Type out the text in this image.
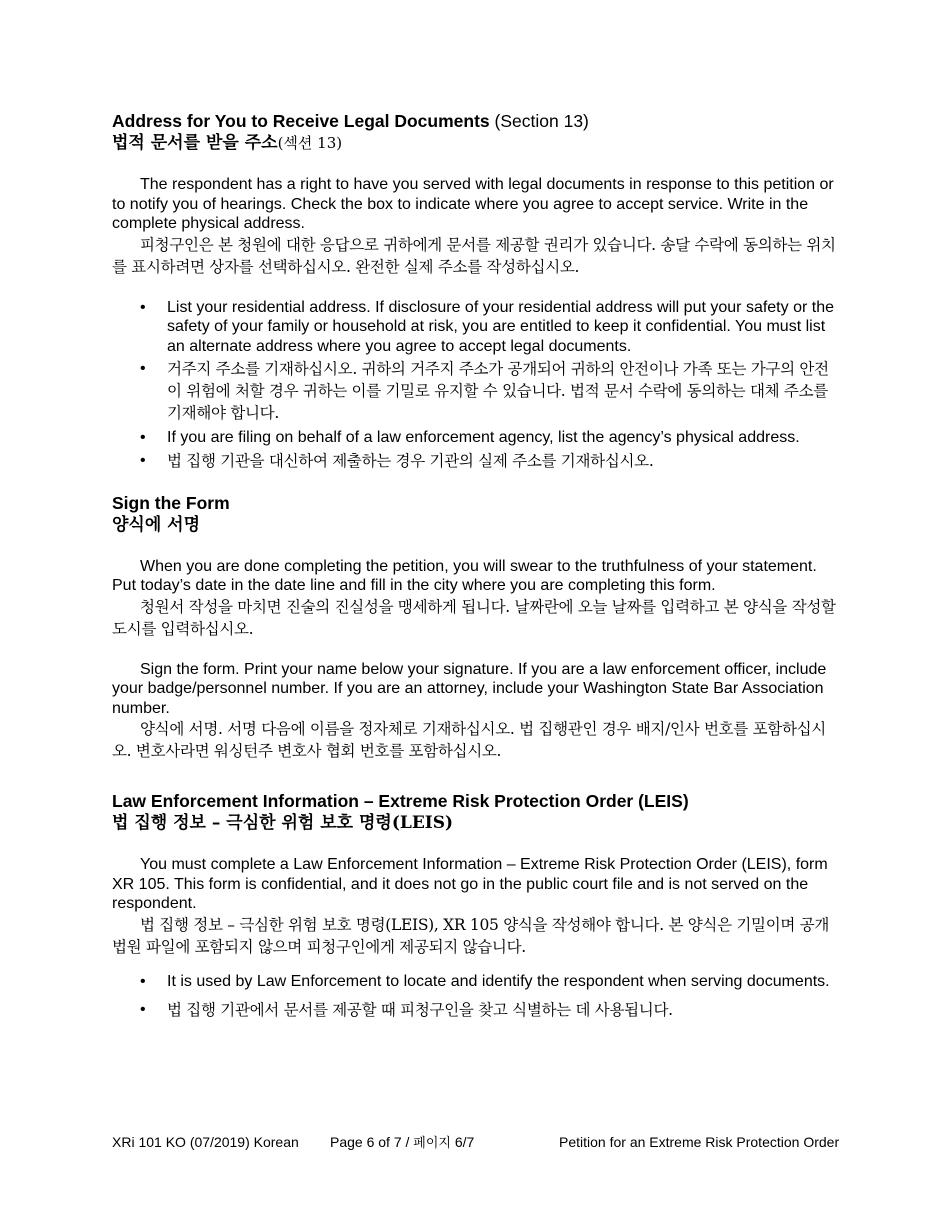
Address for You to Receive Legal Documents (Section 13)

법적 문서를 받을 주소(섹션 13)

The respondent has a right to have you served with legal documents in response to this petition or to notify you of hearings. Check the box to indicate where you agree to accept service. Write in the complete physical address.

피청구인은 본 청원에 대한 응답으로 귀하에게 문서를 제공할 권리가 있습니다. 송달 수락에 동의하는 위치를 표시하려면 상자를 선택하십시오. 완전한 실제 주소를 작성하십시오.

• List your residential address. If disclosure of your residential address will put your safety or the safety of your family or household at risk, you are entitled to keep it confidential. You must list an alternate address where you agree to accept legal documents.
• 거주지 주소를 기재하십시오. 귀하의 거주지 주소가 공개되어 귀하의 안전이나 가족 또는 가구의 안전이 위험에 처할 경우 귀하는 이를 기밀로 유지할 수 있습니다. 법적 문서 수락에 동의하는 대체 주소를 기재해야 합니다.
• If you are filing on behalf of a law enforcement agency, list the agency’s physical address.
• 법 집행 기관을 대신하여 제출하는 경우 기관의 실제 주소를 기재하십시오.

Sign the Form

양식에 서명

When you are done completing the petition, you will swear to the truthfulness of your statement. Put today’s date in the date line and fill in the city where you are completing this form.

청원서 작성을 마치면 진술의 진실성을 맹세하게 됩니다. 날짜란에 오늘 날짜를 입력하고 본 양식을 작성할 도시를 입력하십시오.

Sign the form. Print your name below your signature. If you are a law enforcement officer, include your badge/personnel number. If you are an attorney, include your Washington State Bar Association number.

양식에 서명. 서명 다음에 이름을 정자체로 기재하십시오. 법 집행관인 경우 배지/인사 번호를 포함하십시오. 변호사라면 워싱턴주 변호사 협회 번호를 포함하십시오.

Law Enforcement Information – Extreme Risk Protection Order (LEIS)

법 집행 정보 – 극심한 위험 보호 명령(LEIS)

You must complete a Law Enforcement Information – Extreme Risk Protection Order (LEIS), form XR 105. This form is confidential, and it does not go in the public court file and is not served on the respondent.

법 집행 정보 – 극심한 위험 보호 명령(LEIS), XR 105 양식을 작성해야 합니다. 본 양식은 기밀이며 공개 법원 파일에 포함되지 않으며 피청구인에게 제공되지 않습니다.

• It is used by Law Enforcement to locate and identify the respondent when serving documents.
• 법 집행 기관에서 문서를 제공할 때 피청구인을 찾고 식별하는 데 사용됩니다.
XRi 101 KO (07/2019) Korean Page 6 of 7 / 페이지 6/7	Petition for an Extreme Risk Protection Order
